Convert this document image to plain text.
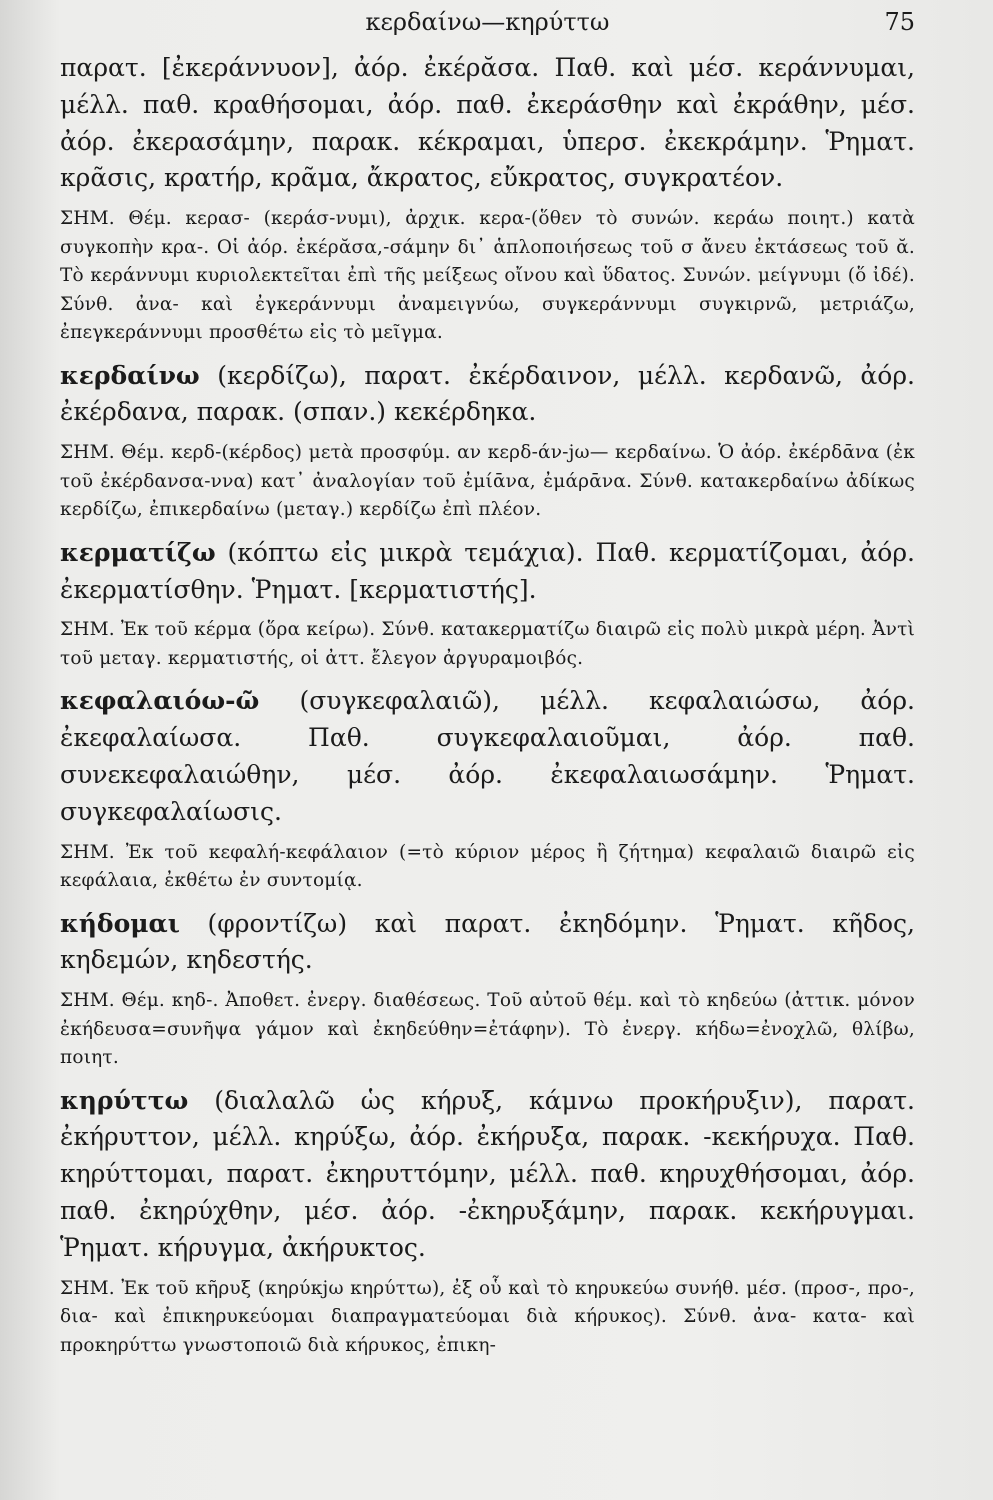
κερδαίνω—κηρύττω	75

παρατ. [ἐκεράννυον], ἀόρ. ἐκέρᾰσα. Παθ. καὶ μέσ. κεράννυμαι, μέλλ. παθ. κραθήσομαι, ἀόρ. παθ. ἐκεράσθην καὶ ἐκράθην, μέσ. ἀόρ. ἐκερασάμην, παρακ. κέκραμαι, ὑπερσ. ἐκεκράμην. Ῥηματ. κρᾶσις, κρατήρ, κρᾶμα, ἄκρατος, εὔκρατος, συγκρατέον.

ΣΗΜ. Θέμ. κερασ- (κεράσ-νυμι), ἀρχικ. κερα-(ὅθεν τὸ συνών. κεράω ποιητ.) κατὰ συγκοπὴν κρα-. Οἱ ἀόρ. ἐκέρᾰσα,-σάμην δι᾽ ἁπλοποιήσεως τοῦ σ ἄνευ ἐκτάσεως τοῦ ᾰ. Τὸ κεράννυμι κυριολεκτεῖται ἐπὶ τῆς μείξεως οἴνου καὶ ὕδατος. Συνών. μείγνυμι (ὅ ἰδέ). Σύνθ. ἀνα- καὶ ἐγκεράννυμι ἀναμειγνύω, συγκεράννυμι συγκιρνῶ, μετριάζω, ἐπεγκεράννυμι προσθέτω εἰς τὸ μεῖγμα.

κερδαίνω (κερδίζω), παρατ. ἐκέρδαινον, μέλλ. κερδανῶ, ἀόρ. ἐκέρδανα, παρακ. (σπαν.) κεκέρδηκα.

ΣΗΜ. Θέμ. κερδ-(κέρδος) μετὰ προσφύμ. αν κερδ-άν-jω— κερδαίνω. Ὁ ἀόρ. ἐκέρδᾱνα (ἐκ τοῦ ἐκέρδανσα-ννα) κατ᾽ ἀναλογίαν τοῦ ἐμίᾱνα, ἐμάρᾱνα. Σύνθ. κατακερδαίνω ἀδίκως κερδίζω, ἐπικερδαίνω (μεταγ.) κερδίζω ἐπὶ πλέον.

κερματίζω (κόπτω εἰς μικρὰ τεμάχια). Παθ. κερματίζομαι, ἀόρ. ἐκερματίσθην. Ῥηματ. [κερματιστής].

ΣΗΜ. Ἐκ τοῦ κέρμα (ὅρα κείρω). Σύνθ. κατακερματίζω διαιρῶ εἰς πολὺ μικρὰ μέρη. Ἀντὶ τοῦ μεταγ. κερματιστής, οἱ ἀττ. ἔλεγον ἀργυραμοιβός.

κεφαλαιόω-ῶ (συγκεφαλαιῶ), μέλλ. κεφαλαιώσω, ἀόρ. ἐκεφαλαίωσα. Παθ. συγκεφαλαιοῦμαι, ἀόρ. παθ. συνεκεφαλαιώθην, μέσ. ἀόρ. ἐκεφαλαιωσάμην. Ῥηματ. συγκεφαλαίωσις.

ΣΗΜ. Ἐκ τοῦ κεφαλή-κεφάλαιον (=τὸ κύριον μέρος ἢ ζήτημα) κεφαλαιῶ διαιρῶ εἰς κεφάλαια, ἐκθέτω ἐν συντομίᾳ.

κήδομαι (φροντίζω) καὶ παρατ. ἐκηδόμην. Ῥηματ. κῆδος, κηδεμών, κηδεστής.

ΣΗΜ. Θέμ. κηδ-. Ἀποθετ. ἐνεργ. διαθέσεως. Τοῦ αὐτοῦ θέμ. καὶ τὸ κηδεύω (ἀττικ. μόνον ἐκήδευσα=συνῆψα γάμον καὶ ἐκηδεύθην=ἐτάφην). Τὸ ἐνεργ. κήδω=ἐνοχλῶ, θλίβω, ποιητ.

κηρύττω (διαλαλῶ ὡς κήρυξ, κάμνω προκήρυξιν), παρατ. ἐκήρυττον, μέλλ. κηρύξω, ἀόρ. ἐκήρυξα, παρακ. -κεκήρυχα. Παθ. κηρύττομαι, παρατ. ἐκηρυττόμην, μέλλ. παθ. κηρυχθήσομαι, ἀόρ. παθ. ἐκηρύχθην, μέσ. ἀόρ. -ἐκηρυξάμην, παρακ. κεκήρυγμαι. Ῥηματ. κήρυγμα, ἀκήρυκτος.

ΣΗΜ. Ἐκ τοῦ κῆρυξ (κηρύκjω κηρύττω), ἐξ οὗ καὶ τὸ κηρυκεύω συνήθ. μέσ. (προσ-, προ-, δια- καὶ ἐπικηρυκεύομαι διαπραγματεύομαι διὰ κήρυκος). Σύνθ. ἀνα- κατα- καὶ προκηρύττω γνωστοποιῶ διὰ κήρυκος, ἐπικη-
